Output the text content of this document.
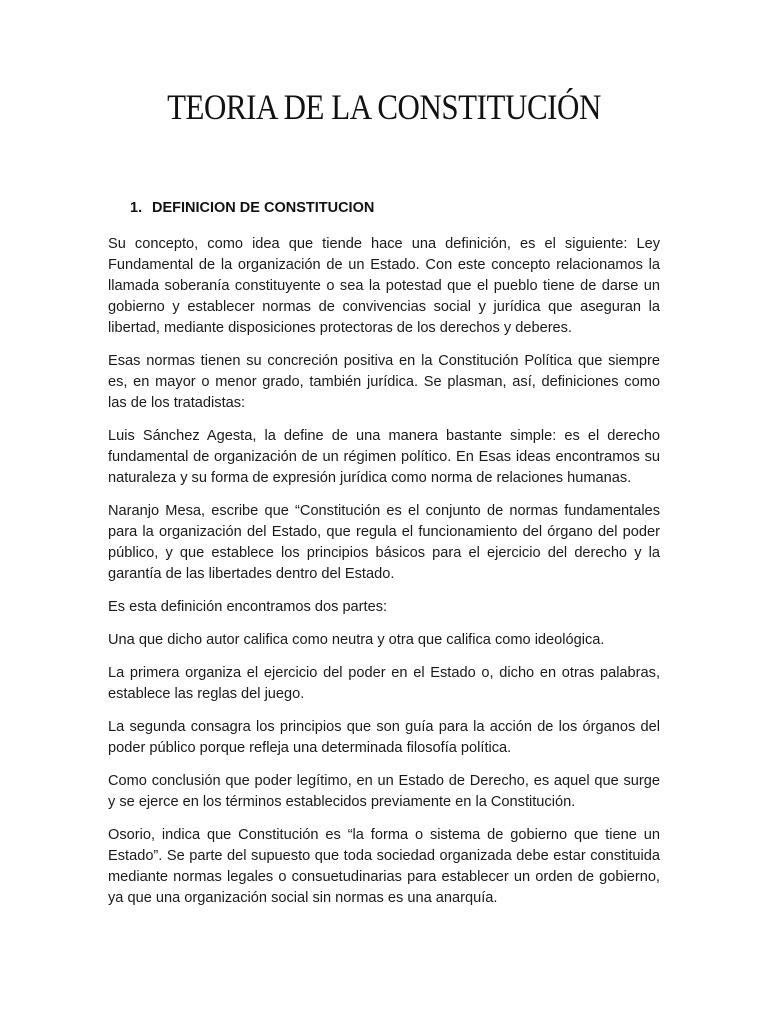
TEORIA DE LA CONSTITUCIÓN
1. DEFINICION DE CONSTITUCION

Su concepto, como idea que tiende hace una definición, es el siguiente: Ley Fundamental de la organización de un Estado. Con este concepto relacionamos la llamada soberanía constituyente o sea la potestad que el pueblo tiene de darse un gobierno y establecer normas de convivencias social y jurídica que aseguran la libertad, mediante disposiciones protectoras de los derechos y deberes.

Esas normas tienen su concreción positiva en la Constitución Política que siempre es, en mayor o menor grado, también jurídica. Se plasman, así, definiciones como las de los tratadistas:

Luis Sánchez Agesta, la define de una manera bastante simple: es el derecho fundamental de organización de un régimen político. En Esas ideas encontramos su naturaleza y su forma de expresión jurídica como norma de relaciones humanas.

Naranjo Mesa, escribe que “Constitución es el conjunto de normas fundamentales para la organización del Estado, que regula el funcionamiento del órgano del poder público, y que establece los principios básicos para el ejercicio del derecho y la garantía de las libertades dentro del Estado.

Es esta definición encontramos dos partes:

Una que dicho autor califica como neutra y otra que califica como ideológica.

La primera organiza el ejercicio del poder en el Estado o, dicho en otras palabras, establece las reglas del juego.

La segunda consagra los principios que son guía para la acción de los órganos del poder público porque refleja una determinada filosofía política.

Como conclusión que poder legítimo, en un Estado de Derecho, es aquel que surge y se ejerce en los términos establecidos previamente en la Constitución.

Osorio, indica que Constitución es “la forma o sistema de gobierno que tiene un Estado”. Se parte del supuesto que toda sociedad organizada debe estar constituida mediante normas legales o consuetudinarias para establecer un orden de gobierno, ya que una organización social sin normas es una anarquía.
